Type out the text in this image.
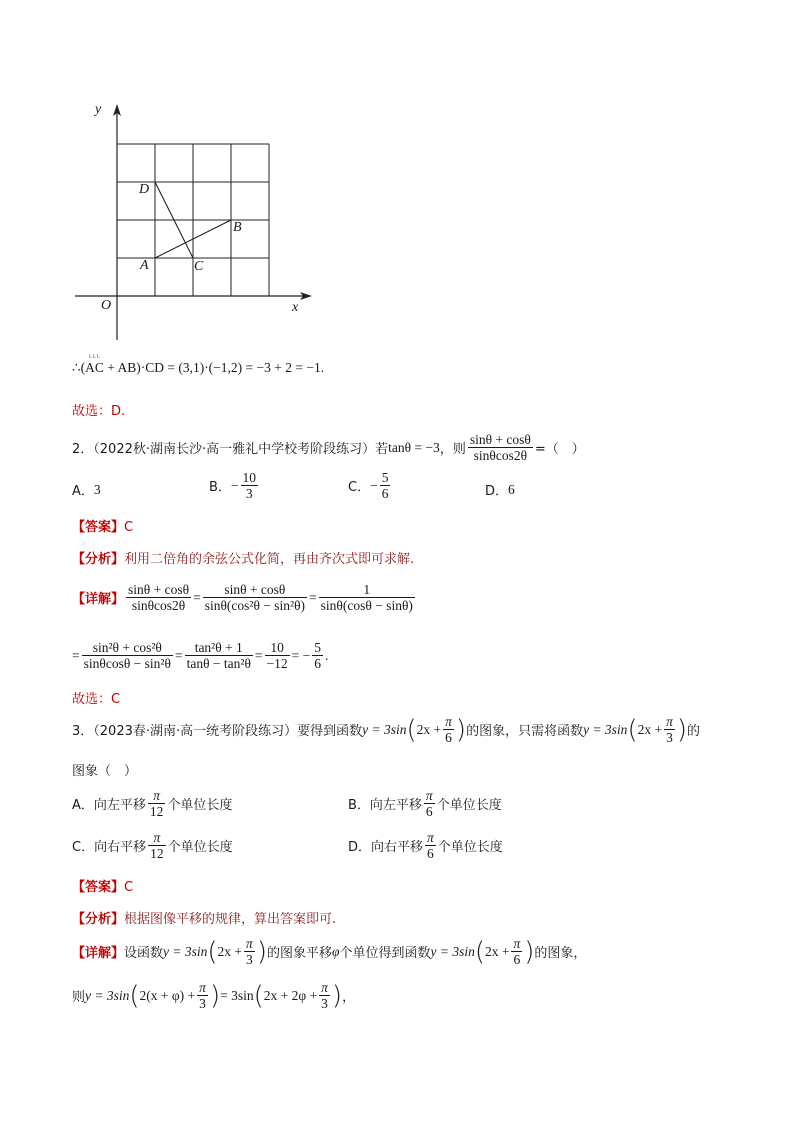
y
x
O
A
B
C
D
∴(AC + AB)·CD = (3,1)·(−1,2) = −3 + 2 = −1.
ᴸᴸᴸ
故选：D.
2．（2022秋·湖南长沙·高一雅礼中学校考阶段练习）若 tanθ = −3 ，则 $\frac{\sin\theta + \cos\theta}{\sin\theta\cos 2\theta}$ =（　）
A． 3	B． − $\frac{10}{3}$	C． − $\frac{5}{6}$	D． 6
【答案】C
【分析】利用二倍角的余弦公式化简，再由齐次式即可求解.
【详解】 $\frac{\sin\theta + \cos\theta}{\sin\theta\cos 2\theta} = \frac{\sin\theta + \cos\theta}{\text{sinθ(cos²θ − sin²θ)}} = \frac{1}{\sin\theta(\cos\theta - \sin\theta)}$
= $\frac{\text{sin²θ + cos²θ}}{\text{sinθcosθ − sin²θ}} = \frac{\text{tan²θ + 1}}{\text{tanθ − tan²θ}} = \frac{10}{-12}$ = − $\frac{5}{6}$ .
故选：C
3．（2023春·湖南·高一统考阶段练习）要得到函数 y = 3sin ( $2x + \frac{\pi}{6}$ ) 的图象，只需将函数 y = 3sin ( $2x + \frac{\pi}{3}$ ) 的
图象（　）
A．向左平移 $\frac{\pi}{12}$ 个单位长度	B．向左平移 $\frac{\pi}{6}$ 个单位长度
C．向右平移 $\frac{\pi}{12}$ 个单位长度	D．向右平移 $\frac{\pi}{6}$ 个单位长度
【答案】C
【分析】根据图像平移的规律，算出答案即可.
【详解】 设函数 y = 3sin ( $2x + \frac{\pi}{3}$ ) 的图象平移 φ 个单位得到函数 y = 3sin ( $2x + \frac{\pi}{6}$ ) 的图象，
则 y = 3sin ( $2(x + \varphi) + \frac{\pi}{3}$ ) = 3sin ( $2x + 2\varphi + \frac{\pi}{3}$ ) ，
